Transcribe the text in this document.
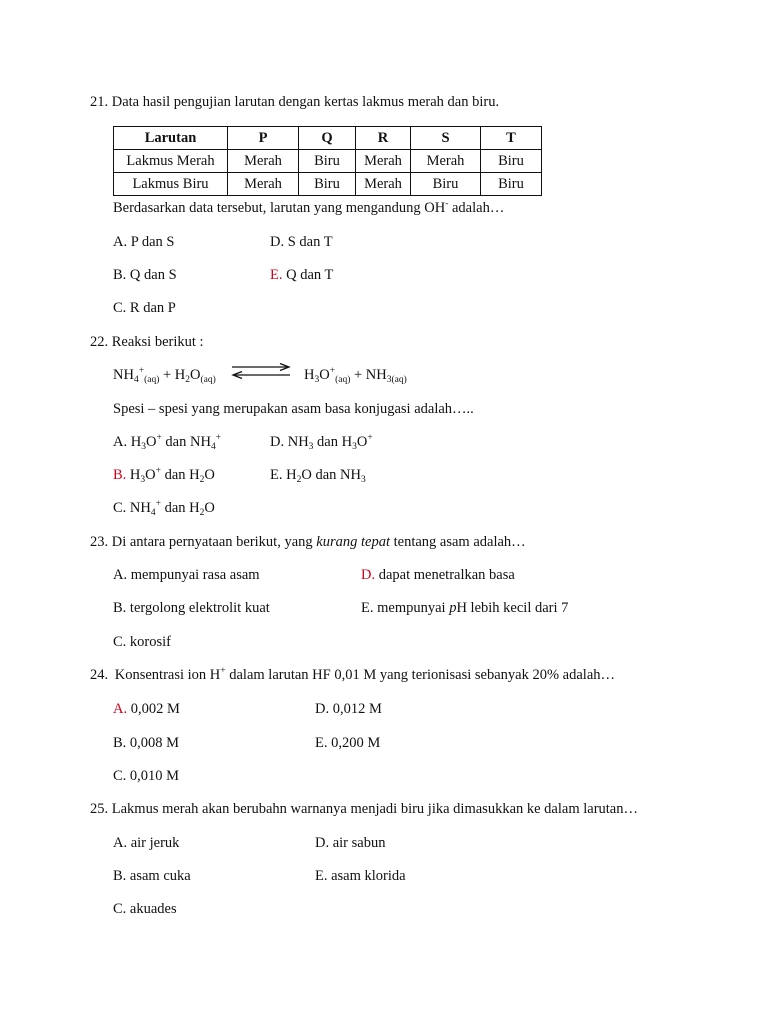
21. Data hasil pengujian larutan dengan kertas lakmus merah dan biru.
Larutan	P	Q	R	S	T
Lakmus Merah	Merah	Biru	Merah	Merah	Biru
Lakmus Biru	Merah	Biru	Merah	Biru	Biru
Berdasarkan data tersebut, larutan yang mengandung OH- adalah…
A. P dan S	D. S dan T
B. Q dan S	E. Q dan T
C. R dan P
22. Reaksi berikut :
$NH_4^+_{(aq)} + H_2O_{(aq)}$	$H_3O^+_{(aq)} + NH_{3(aq)}$
Spesi – spesi yang merupakan asam basa konjugasi adalah…..
A. $H_3O^+$ dan $NH_4^+$	D. $NH_3$ dan $H_3O^+$
B. $H_3O^+$ dan $H_2O$	E. $H_2O$ dan $NH_3$
C. $NH_4^+$ dan $H_2O$
23. Di antara pernyataan berikut, yang kurang tepat tentang asam adalah…
A. mempunyai rasa asam	D. dapat menetralkan basa
B. tergolong elektrolit kuat	E. mempunyai pH lebih kecil dari 7
C. korosif
24. Konsentrasi ion H+ dalam larutan HF 0,01 M yang terionisasi sebanyak 20% adalah…
A. 0,002 M	D. 0,012 M
B. 0,008 M	E. 0,200 M
C. 0,010 M
25. Lakmus merah akan berubahn warnanya menjadi biru jika dimasukkan ke dalam larutan…
A. air jeruk	D. air sabun
B. asam cuka	E. asam klorida
C. akuades
